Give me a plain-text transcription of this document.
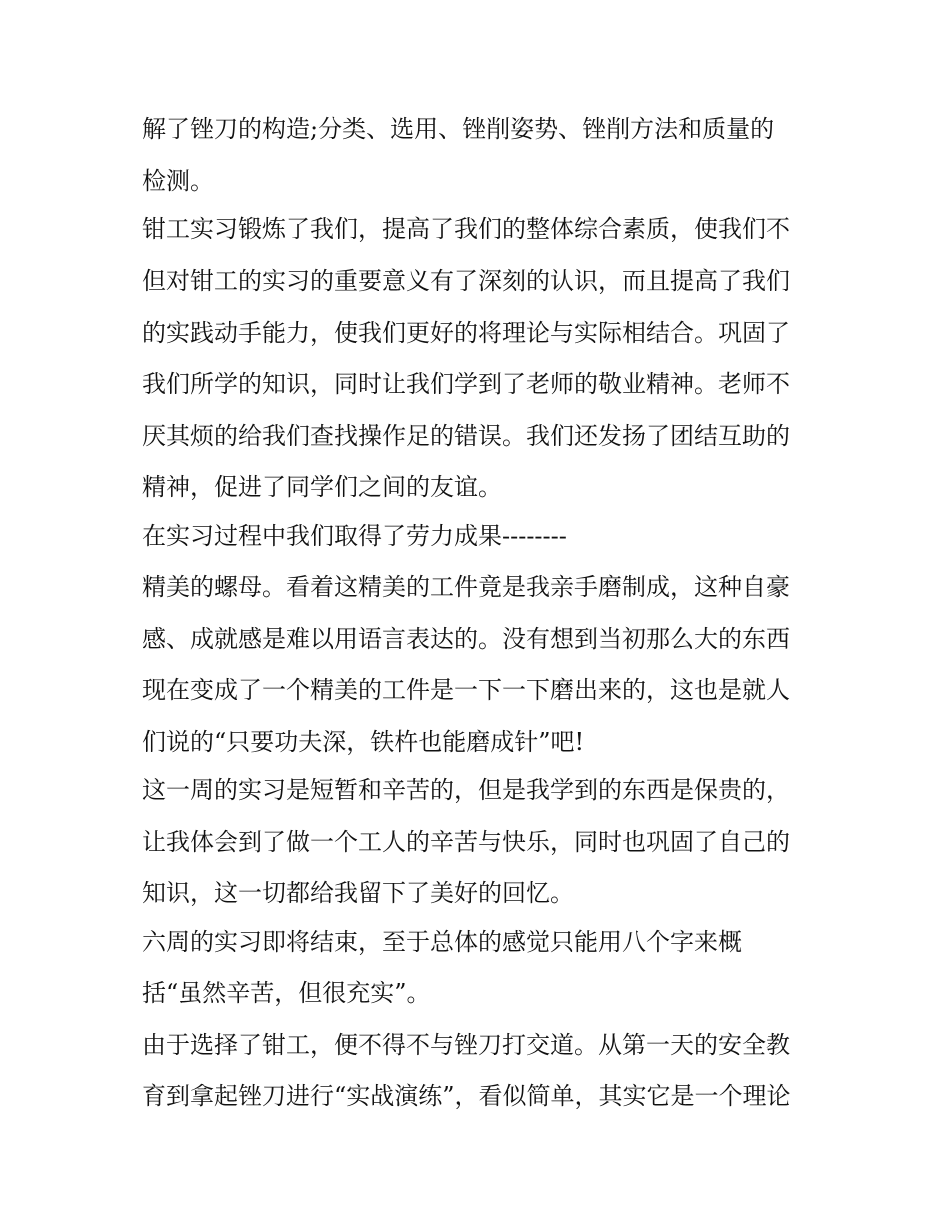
解了锉刀的构造;分类、选用、锉削姿势、锉削方法和质量的
检测。
钳工实习锻炼了我们，提高了我们的整体综合素质，使我们不
但对钳工的实习的重要意义有了深刻的认识，而且提高了我们
的实践动手能力，使我们更好的将理论与实际相结合。巩固了
我们所学的知识，同时让我们学到了老师的敬业精神。老师不
厌其烦的给我们查找操作足的错误。我们还发扬了团结互助的
精神，促进了同学们之间的友谊。
在实习过程中我们取得了劳力成果--------
精美的螺母。看着这精美的工件竟是我亲手磨制成，这种自豪
感、成就感是难以用语言表达的。没有想到当初那么大的东西
现在变成了一个精美的工件是一下一下磨出来的，这也是就人
们说的“只要功夫深，铁杵也能磨成针”吧!
这一周的实习是短暂和辛苦的，但是我学到的东西是保贵的，
让我体会到了做一个工人的辛苦与快乐，同时也巩固了自己的
知识，这一切都给我留下了美好的回忆。
六周的实习即将结束，至于总体的感觉只能用八个字来概
括“虽然辛苦，但很充实”。
由于选择了钳工，便不得不与锉刀打交道。从第一天的安全教
育到拿起锉刀进行“实战演练”，看似简单，其实它是一个理论
